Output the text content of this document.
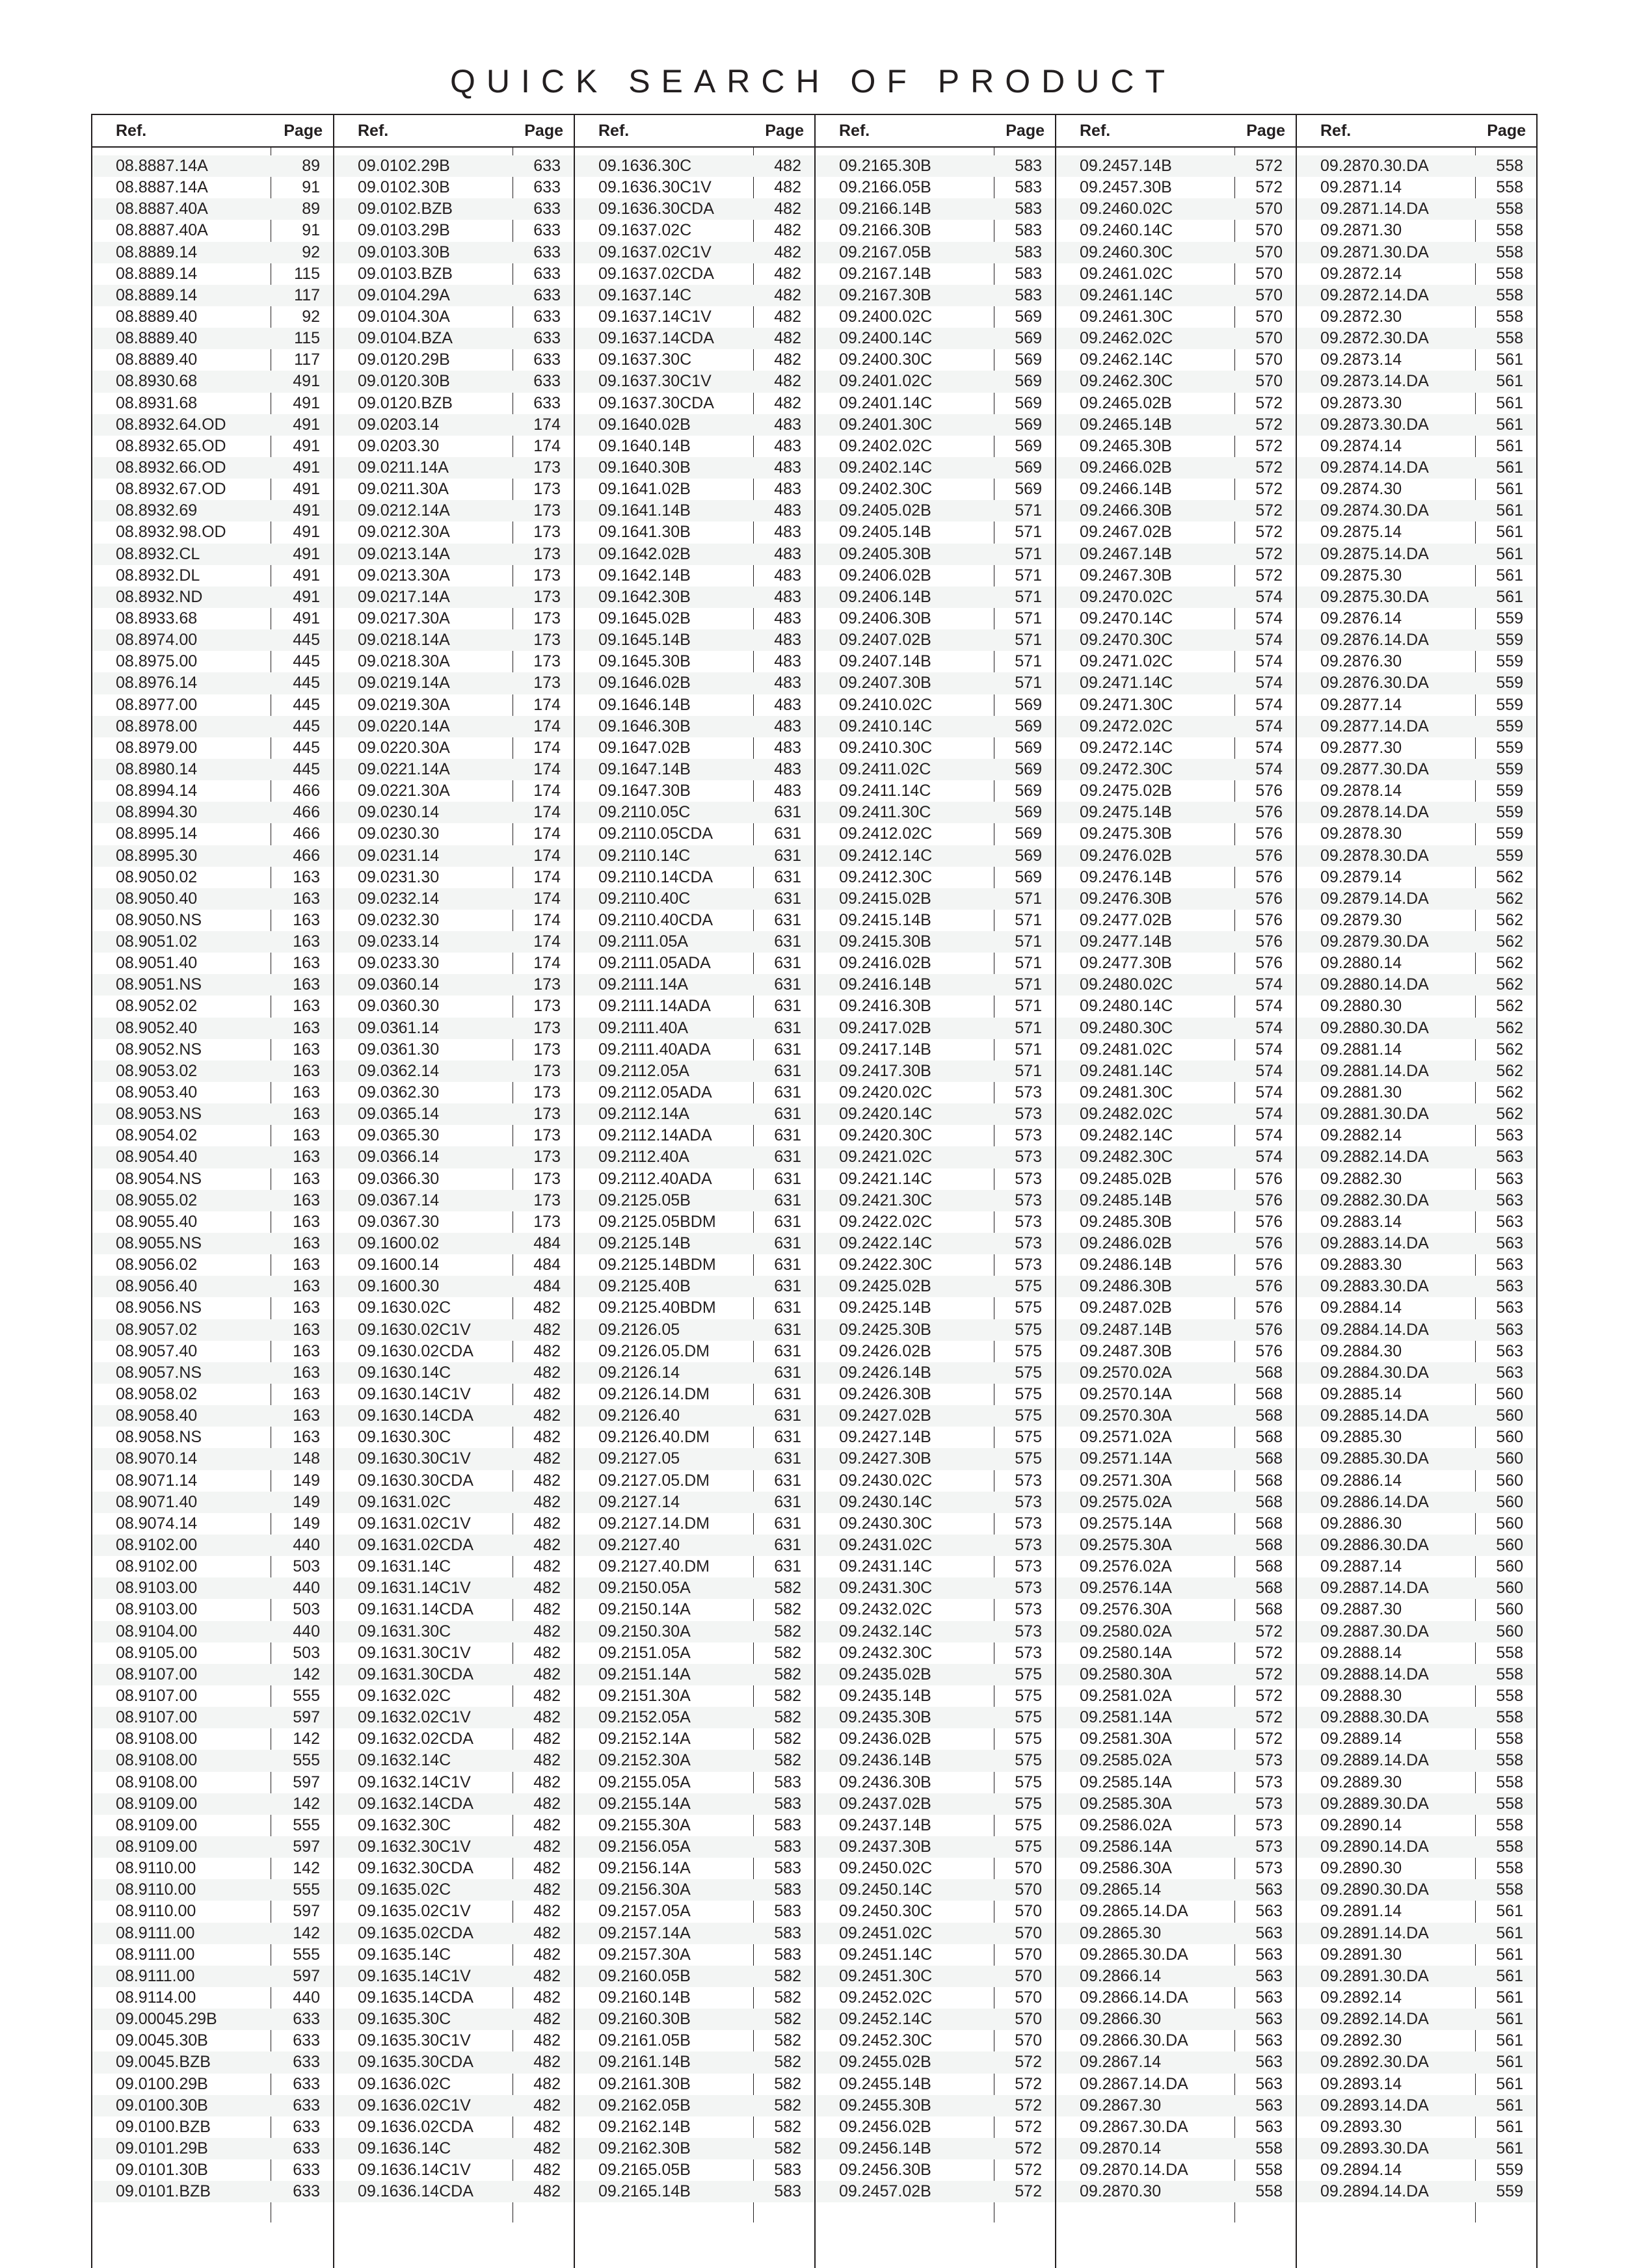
QUICK SEARCH OF PRODUCT
Ref.	Page
08.8887.14A	89
08.8887.14A	91
08.8887.40A	89
08.8887.40A	91
08.8889.14	92
08.8889.14	115
08.8889.14	117
08.8889.40	92
08.8889.40	115
08.8889.40	117
08.8930.68	491
08.8931.68	491
08.8932.64.OD	491
08.8932.65.OD	491
08.8932.66.OD	491
08.8932.67.OD	491
08.8932.69	491
08.8932.98.OD	491
08.8932.CL	491
08.8932.DL	491
08.8932.ND	491
08.8933.68	491
08.8974.00	445
08.8975.00	445
08.8976.14	445
08.8977.00	445
08.8978.00	445
08.8979.00	445
08.8980.14	445
08.8994.14	466
08.8994.30	466
08.8995.14	466
08.8995.30	466
08.9050.02	163
08.9050.40	163
08.9050.NS	163
08.9051.02	163
08.9051.40	163
08.9051.NS	163
08.9052.02	163
08.9052.40	163
08.9052.NS	163
08.9053.02	163
08.9053.40	163
08.9053.NS	163
08.9054.02	163
08.9054.40	163
08.9054.NS	163
08.9055.02	163
08.9055.40	163
08.9055.NS	163
08.9056.02	163
08.9056.40	163
08.9056.NS	163
08.9057.02	163
08.9057.40	163
08.9057.NS	163
08.9058.02	163
08.9058.40	163
08.9058.NS	163
08.9070.14	148
08.9071.14	149
08.9071.40	149
08.9074.14	149
08.9102.00	440
08.9102.00	503
08.9103.00	440
08.9103.00	503
08.9104.00	440
08.9105.00	503
08.9107.00	142
08.9107.00	555
08.9107.00	597
08.9108.00	142
08.9108.00	555
08.9108.00	597
08.9109.00	142
08.9109.00	555
08.9109.00	597
08.9110.00	142
08.9110.00	555
08.9110.00	597
08.9111.00	142
08.9111.00	555
08.9111.00	597
08.9114.00	440
09.00045.29B	633
09.0045.30B	633
09.0045.BZB	633
09.0100.29B	633
09.0100.30B	633
09.0100.BZB	633
09.0101.29B	633
09.0101.30B	633
09.0101.BZB	633
Ref.	Page
09.0102.29B	633
09.0102.30B	633
09.0102.BZB	633
09.0103.29B	633
09.0103.30B	633
09.0103.BZB	633
09.0104.29A	633
09.0104.30A	633
09.0104.BZA	633
09.0120.29B	633
09.0120.30B	633
09.0120.BZB	633
09.0203.14	174
09.0203.30	174
09.0211.14A	173
09.0211.30A	173
09.0212.14A	173
09.0212.30A	173
09.0213.14A	173
09.0213.30A	173
09.0217.14A	173
09.0217.30A	173
09.0218.14A	173
09.0218.30A	173
09.0219.14A	173
09.0219.30A	174
09.0220.14A	174
09.0220.30A	174
09.0221.14A	174
09.0221.30A	174
09.0230.14	174
09.0230.30	174
09.0231.14	174
09.0231.30	174
09.0232.14	174
09.0232.30	174
09.0233.14	174
09.0233.30	174
09.0360.14	173
09.0360.30	173
09.0361.14	173
09.0361.30	173
09.0362.14	173
09.0362.30	173
09.0365.14	173
09.0365.30	173
09.0366.14	173
09.0366.30	173
09.0367.14	173
09.0367.30	173
09.1600.02	484
09.1600.14	484
09.1600.30	484
09.1630.02C	482
09.1630.02C1V	482
09.1630.02CDA	482
09.1630.14C	482
09.1630.14C1V	482
09.1630.14CDA	482
09.1630.30C	482
09.1630.30C1V	482
09.1630.30CDA	482
09.1631.02C	482
09.1631.02C1V	482
09.1631.02CDA	482
09.1631.14C	482
09.1631.14C1V	482
09.1631.14CDA	482
09.1631.30C	482
09.1631.30C1V	482
09.1631.30CDA	482
09.1632.02C	482
09.1632.02C1V	482
09.1632.02CDA	482
09.1632.14C	482
09.1632.14C1V	482
09.1632.14CDA	482
09.1632.30C	482
09.1632.30C1V	482
09.1632.30CDA	482
09.1635.02C	482
09.1635.02C1V	482
09.1635.02CDA	482
09.1635.14C	482
09.1635.14C1V	482
09.1635.14CDA	482
09.1635.30C	482
09.1635.30C1V	482
09.1635.30CDA	482
09.1636.02C	482
09.1636.02C1V	482
09.1636.02CDA	482
09.1636.14C	482
09.1636.14C1V	482
09.1636.14CDA	482
Ref.	Page
09.1636.30C	482
09.1636.30C1V	482
09.1636.30CDA	482
09.1637.02C	482
09.1637.02C1V	482
09.1637.02CDA	482
09.1637.14C	482
09.1637.14C1V	482
09.1637.14CDA	482
09.1637.30C	482
09.1637.30C1V	482
09.1637.30CDA	482
09.1640.02B	483
09.1640.14B	483
09.1640.30B	483
09.1641.02B	483
09.1641.14B	483
09.1641.30B	483
09.1642.02B	483
09.1642.14B	483
09.1642.30B	483
09.1645.02B	483
09.1645.14B	483
09.1645.30B	483
09.1646.02B	483
09.1646.14B	483
09.1646.30B	483
09.1647.02B	483
09.1647.14B	483
09.1647.30B	483
09.2110.05C	631
09.2110.05CDA	631
09.2110.14C	631
09.2110.14CDA	631
09.2110.40C	631
09.2110.40CDA	631
09.2111.05A	631
09.2111.05ADA	631
09.2111.14A	631
09.2111.14ADA	631
09.2111.40A	631
09.2111.40ADA	631
09.2112.05A	631
09.2112.05ADA	631
09.2112.14A	631
09.2112.14ADA	631
09.2112.40A	631
09.2112.40ADA	631
09.2125.05B	631
09.2125.05BDM	631
09.2125.14B	631
09.2125.14BDM	631
09.2125.40B	631
09.2125.40BDM	631
09.2126.05	631
09.2126.05.DM	631
09.2126.14	631
09.2126.14.DM	631
09.2126.40	631
09.2126.40.DM	631
09.2127.05	631
09.2127.05.DM	631
09.2127.14	631
09.2127.14.DM	631
09.2127.40	631
09.2127.40.DM	631
09.2150.05A	582
09.2150.14A	582
09.2150.30A	582
09.2151.05A	582
09.2151.14A	582
09.2151.30A	582
09.2152.05A	582
09.2152.14A	582
09.2152.30A	582
09.2155.05A	583
09.2155.14A	583
09.2155.30A	583
09.2156.05A	583
09.2156.14A	583
09.2156.30A	583
09.2157.05A	583
09.2157.14A	583
09.2157.30A	583
09.2160.05B	582
09.2160.14B	582
09.2160.30B	582
09.2161.05B	582
09.2161.14B	582
09.2161.30B	582
09.2162.05B	582
09.2162.14B	582
09.2162.30B	582
09.2165.05B	583
09.2165.14B	583
Ref.	Page
09.2165.30B	583
09.2166.05B	583
09.2166.14B	583
09.2166.30B	583
09.2167.05B	583
09.2167.14B	583
09.2167.30B	583
09.2400.02C	569
09.2400.14C	569
09.2400.30C	569
09.2401.02C	569
09.2401.14C	569
09.2401.30C	569
09.2402.02C	569
09.2402.14C	569
09.2402.30C	569
09.2405.02B	571
09.2405.14B	571
09.2405.30B	571
09.2406.02B	571
09.2406.14B	571
09.2406.30B	571
09.2407.02B	571
09.2407.14B	571
09.2407.30B	571
09.2410.02C	569
09.2410.14C	569
09.2410.30C	569
09.2411.02C	569
09.2411.14C	569
09.2411.30C	569
09.2412.02C	569
09.2412.14C	569
09.2412.30C	569
09.2415.02B	571
09.2415.14B	571
09.2415.30B	571
09.2416.02B	571
09.2416.14B	571
09.2416.30B	571
09.2417.02B	571
09.2417.14B	571
09.2417.30B	571
09.2420.02C	573
09.2420.14C	573
09.2420.30C	573
09.2421.02C	573
09.2421.14C	573
09.2421.30C	573
09.2422.02C	573
09.2422.14C	573
09.2422.30C	573
09.2425.02B	575
09.2425.14B	575
09.2425.30B	575
09.2426.02B	575
09.2426.14B	575
09.2426.30B	575
09.2427.02B	575
09.2427.14B	575
09.2427.30B	575
09.2430.02C	573
09.2430.14C	573
09.2430.30C	573
09.2431.02C	573
09.2431.14C	573
09.2431.30C	573
09.2432.02C	573
09.2432.14C	573
09.2432.30C	573
09.2435.02B	575
09.2435.14B	575
09.2435.30B	575
09.2436.02B	575
09.2436.14B	575
09.2436.30B	575
09.2437.02B	575
09.2437.14B	575
09.2437.30B	575
09.2450.02C	570
09.2450.14C	570
09.2450.30C	570
09.2451.02C	570
09.2451.14C	570
09.2451.30C	570
09.2452.02C	570
09.2452.14C	570
09.2452.30C	570
09.2455.02B	572
09.2455.14B	572
09.2455.30B	572
09.2456.02B	572
09.2456.14B	572
09.2456.30B	572
09.2457.02B	572
Ref.	Page
09.2457.14B	572
09.2457.30B	572
09.2460.02C	570
09.2460.14C	570
09.2460.30C	570
09.2461.02C	570
09.2461.14C	570
09.2461.30C	570
09.2462.02C	570
09.2462.14C	570
09.2462.30C	570
09.2465.02B	572
09.2465.14B	572
09.2465.30B	572
09.2466.02B	572
09.2466.14B	572
09.2466.30B	572
09.2467.02B	572
09.2467.14B	572
09.2467.30B	572
09.2470.02C	574
09.2470.14C	574
09.2470.30C	574
09.2471.02C	574
09.2471.14C	574
09.2471.30C	574
09.2472.02C	574
09.2472.14C	574
09.2472.30C	574
09.2475.02B	576
09.2475.14B	576
09.2475.30B	576
09.2476.02B	576
09.2476.14B	576
09.2476.30B	576
09.2477.02B	576
09.2477.14B	576
09.2477.30B	576
09.2480.02C	574
09.2480.14C	574
09.2480.30C	574
09.2481.02C	574
09.2481.14C	574
09.2481.30C	574
09.2482.02C	574
09.2482.14C	574
09.2482.30C	574
09.2485.02B	576
09.2485.14B	576
09.2485.30B	576
09.2486.02B	576
09.2486.14B	576
09.2486.30B	576
09.2487.02B	576
09.2487.14B	576
09.2487.30B	576
09.2570.02A	568
09.2570.14A	568
09.2570.30A	568
09.2571.02A	568
09.2571.14A	568
09.2571.30A	568
09.2575.02A	568
09.2575.14A	568
09.2575.30A	568
09.2576.02A	568
09.2576.14A	568
09.2576.30A	568
09.2580.02A	572
09.2580.14A	572
09.2580.30A	572
09.2581.02A	572
09.2581.14A	572
09.2581.30A	572
09.2585.02A	573
09.2585.14A	573
09.2585.30A	573
09.2586.02A	573
09.2586.14A	573
09.2586.30A	573
09.2865.14	563
09.2865.14.DA	563
09.2865.30	563
09.2865.30.DA	563
09.2866.14	563
09.2866.14.DA	563
09.2866.30	563
09.2866.30.DA	563
09.2867.14	563
09.2867.14.DA	563
09.2867.30	563
09.2867.30.DA	563
09.2870.14	558
09.2870.14.DA	558
09.2870.30	558
Ref.	Page
09.2870.30.DA	558
09.2871.14	558
09.2871.14.DA	558
09.2871.30	558
09.2871.30.DA	558
09.2872.14	558
09.2872.14.DA	558
09.2872.30	558
09.2872.30.DA	558
09.2873.14	561
09.2873.14.DA	561
09.2873.30	561
09.2873.30.DA	561
09.2874.14	561
09.2874.14.DA	561
09.2874.30	561
09.2874.30.DA	561
09.2875.14	561
09.2875.14.DA	561
09.2875.30	561
09.2875.30.DA	561
09.2876.14	559
09.2876.14.DA	559
09.2876.30	559
09.2876.30.DA	559
09.2877.14	559
09.2877.14.DA	559
09.2877.30	559
09.2877.30.DA	559
09.2878.14	559
09.2878.14.DA	559
09.2878.30	559
09.2878.30.DA	559
09.2879.14	562
09.2879.14.DA	562
09.2879.30	562
09.2879.30.DA	562
09.2880.14	562
09.2880.14.DA	562
09.2880.30	562
09.2880.30.DA	562
09.2881.14	562
09.2881.14.DA	562
09.2881.30	562
09.2881.30.DA	562
09.2882.14	563
09.2882.14.DA	563
09.2882.30	563
09.2882.30.DA	563
09.2883.14	563
09.2883.14.DA	563
09.2883.30	563
09.2883.30.DA	563
09.2884.14	563
09.2884.14.DA	563
09.2884.30	563
09.2884.30.DA	563
09.2885.14	560
09.2885.14.DA	560
09.2885.30	560
09.2885.30.DA	560
09.2886.14	560
09.2886.14.DA	560
09.2886.30	560
09.2886.30.DA	560
09.2887.14	560
09.2887.14.DA	560
09.2887.30	560
09.2887.30.DA	560
09.2888.14	558
09.2888.14.DA	558
09.2888.30	558
09.2888.30.DA	558
09.2889.14	558
09.2889.14.DA	558
09.2889.30	558
09.2889.30.DA	558
09.2890.14	558
09.2890.14.DA	558
09.2890.30	558
09.2890.30.DA	558
09.2891.14	561
09.2891.14.DA	561
09.2891.30	561
09.2891.30.DA	561
09.2892.14	561
09.2892.14.DA	561
09.2892.30	561
09.2892.30.DA	561
09.2893.14	561
09.2893.14.DA	561
09.2893.30	561
09.2893.30.DA	561
09.2894.14	559
09.2894.14.DA	559
